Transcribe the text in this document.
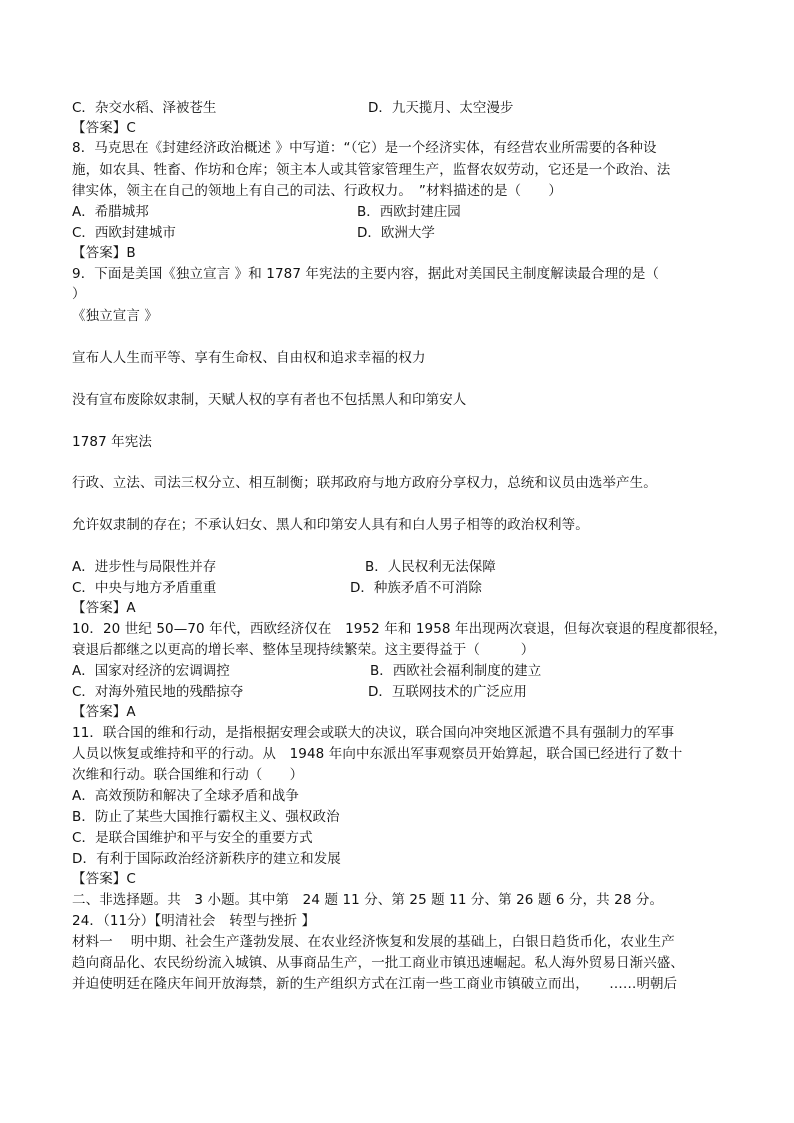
C．杂交水稻、泽被苍生	D．九天揽月、太空漫步
【答案】C
8．马克思在《封建经济政治概述 》中写道：“（它）是一个经济实体，有经营农业所需要的各种设
施，如农具、牲畜、作坊和仓库；领主本人或其管家管理生产，监督农奴劳动，它还是一个政治、法
律实体，领主在自己的领地上有自己的司法、行政权力。　”材料描述的是（　　）
A．希腊城邦	B．西欧封建庄园
C．西欧封建城市	D．欧洲大学
【答案】B
9．下面是美国《独立宣言 》和 1787 年宪法的主要内容，据此对美国民主制度解读最合理的是（
）
《独立宣言 》
宣布人人生而平等、享有生命权、自由权和追求幸福的权力
没有宣布废除奴隶制，天赋人权的享有者也不包括黑人和印第安人
1787 年宪法
行政、立法、司法三权分立、相互制衡；联邦政府与地方政府分享权力，总统和议员由选举产生。
允许奴隶制的存在；不承认妇女、黑人和印第安人具有和白人男子相等的政治权利等。
A．进步性与局限性并存	B．人民权利无法保障
C．中央与地方矛盾重重	D．种族矛盾不可消除
【答案】A
10．20 世纪 50—70 年代，西欧经济仅在　1952 年和 1958 年出现两次衰退，但每次衰退的程度都很轻，
衰退后都继之以更高的增长率、整体呈现持续繁荣。这主要得益于（　　　）
A．国家对经济的宏调调控	B．西欧社会福利制度的建立
C．对海外殖民地的残酷掠夺	D．互联网技术的广泛应用
【答案】A
11．联合国的维和行动，是指根据安理会或联大的决议，联合国向冲突地区派遣不具有强制力的军事
人员以恢复或维持和平的行动。从　1948 年向中东派出军事观察员开始算起，联合国已经进行了数十
次维和行动。联合国维和行动（　　）
A．高效预防和解决了全球矛盾和战争
B．防止了某些大国推行霸权主义、强权政治
C．是联合国维护和平与安全的重要方式
D．有利于国际政治经济新秩序的建立和发展
【答案】C
二、非选择题。共　3 小题。其中第　24 题 11 分、第 25 题 11 分、第 26 题 6 分，共 28 分。
24．（11分）【明清社会　转型与挫折 】
材料一　 明中期、社会生产蓬勃发展、在农业经济恢复和发展的基础上，白银日趋货币化，农业生产
趋向商品化、农民纷纷流入城镇、从事商品生产，一批工商业市镇迅速崛起。私人海外贸易日渐兴盛、
并迫使明廷在隆庆年间开放海禁，新的生产组织方式在江南一些工商业市镇破立而出，　　……明朝后
